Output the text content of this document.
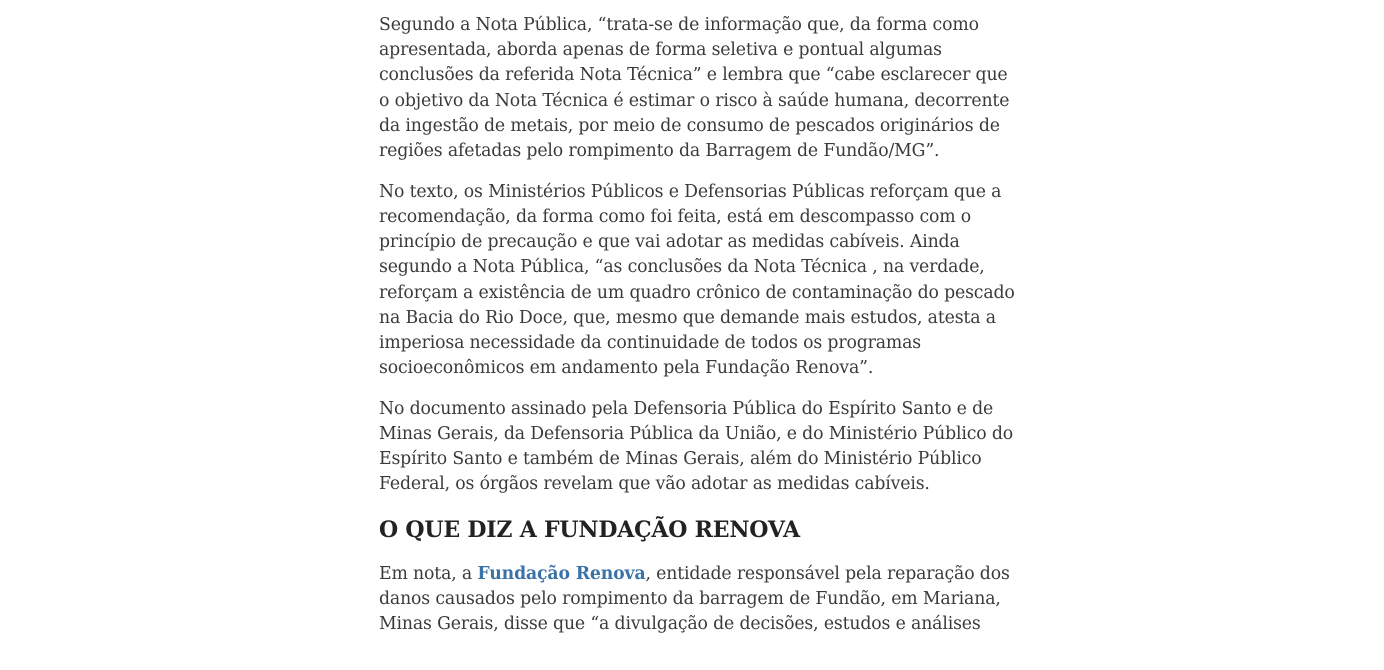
Segundo a Nota Pública, “trata-se de informação que, da forma como apresentada, aborda apenas de forma seletiva e pontual algumas conclusões da referida Nota Técnica” e lembra que “cabe esclarecer que o objetivo da Nota Técnica é estimar o risco à saúde humana, decorrente da ingestão de metais, por meio de consumo de pescados originários de regiões afetadas pelo rompimento da Barragem de Fundão/MG”.

No texto, os Ministérios Públicos e Defensorias Públicas reforçam que a recomendação, da forma como foi feita, está em descompasso com o princípio de precaução e que vai adotar as medidas cabíveis. Ainda segundo a Nota Pública, “as conclusões da Nota Técnica , na verdade, reforçam a existência de um quadro crônico de contaminação do pescado na Bacia do Rio Doce, que, mesmo que demande mais estudos, atesta a imperiosa necessidade da continuidade de todos os programas socioeconômicos em andamento pela Fundação Renova”.

No documento assinado pela Defensoria Pública do Espírito Santo e de Minas Gerais, da Defensoria Pública da União, e do Ministério Público do Espírito Santo e também de Minas Gerais, além do Ministério Público Federal, os órgãos revelam que vão adotar as medidas cabíveis.

O QUE DIZ A FUNDAÇÃO RENOVA

Em nota, a Fundação Renova, entidade responsável pela reparação dos danos causados pelo rompimento da barragem de Fundão, em Mariana, Minas Gerais, disse que “a divulgação de decisões, estudos e análises
